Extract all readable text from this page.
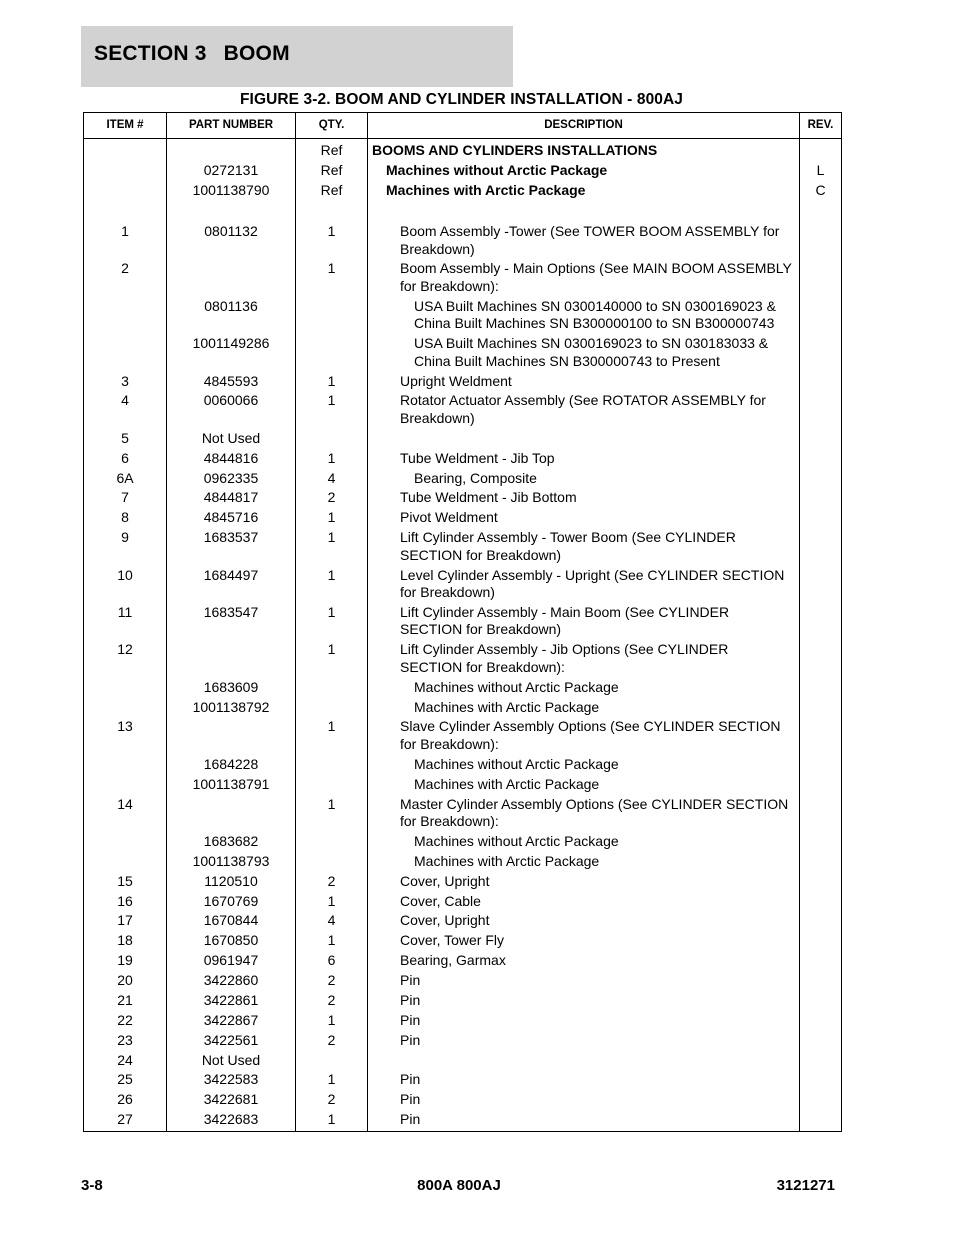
SECTION 3 BOOM
FIGURE 3-2. BOOM AND CYLINDER INSTALLATION - 800AJ
ITEM #	PART NUMBER	QTY.	DESCRIPTION	REV.
		Ref	BOOMS AND CYLINDERS INSTALLATIONS	
	0272131	Ref	Machines without Arctic Package	L
	1001138790	Ref	Machines with Arctic Package	C

1	0801132	1	Boom Assembly -Tower (See TOWER BOOM ASSEMBLY for Breakdown)	
2		1	Boom Assembly - Main Options (See MAIN BOOM ASSEMBLY for Breakdown):	
	0801136		USA Built Machines SN 0300140000 to SN 0300169023 & China Built Machines SN B300000100 to SN B300000743	
	1001149286		USA Built Machines SN 0300169023 to SN 030183033 & China Built Machines SN B300000743 to Present	
3	4845593	1	Upright Weldment	
4	0060066	1	Rotator Actuator Assembly (See ROTATOR ASSEMBLY for Breakdown)	
5	Not Used			
6	4844816	1	Tube Weldment - Jib Top	
6A	0962335	4	Bearing, Composite	
7	4844817	2	Tube Weldment - Jib Bottom	
8	4845716	1	Pivot Weldment	
9	1683537	1	Lift Cylinder Assembly - Tower Boom (See CYLINDER SECTION for Breakdown)	
10	1684497	1	Level Cylinder Assembly - Upright (See CYLINDER SECTION for Breakdown)	
11	1683547	1	Lift Cylinder Assembly - Main Boom (See CYLINDER SECTION for Breakdown)	
12		1	Lift Cylinder Assembly - Jib Options (See CYLINDER SECTION for Breakdown):	
	1683609		Machines without Arctic Package	
	1001138792		Machines with Arctic Package	
13		1	Slave Cylinder Assembly Options (See CYLINDER SECTION for Breakdown):	
	1684228		Machines without Arctic Package	
	1001138791		Machines with Arctic Package	
14		1	Master Cylinder Assembly Options (See CYLINDER SECTION for Breakdown):	
	1683682		Machines without Arctic Package	
	1001138793		Machines with Arctic Package	
15	1120510	2	Cover, Upright	
16	1670769	1	Cover, Cable	
17	1670844	4	Cover, Upright	
18	1670850	1	Cover, Tower Fly	
19	0961947	6	Bearing, Garmax	
20	3422860	2	Pin	
21	3422861	2	Pin	
22	3422867	1	Pin	
23	3422561	2	Pin	
24	Not Used			
25	3422583	1	Pin	
26	3422681	2	Pin	
27	3422683	1	Pin	
3-8	800A 800AJ	3121271
